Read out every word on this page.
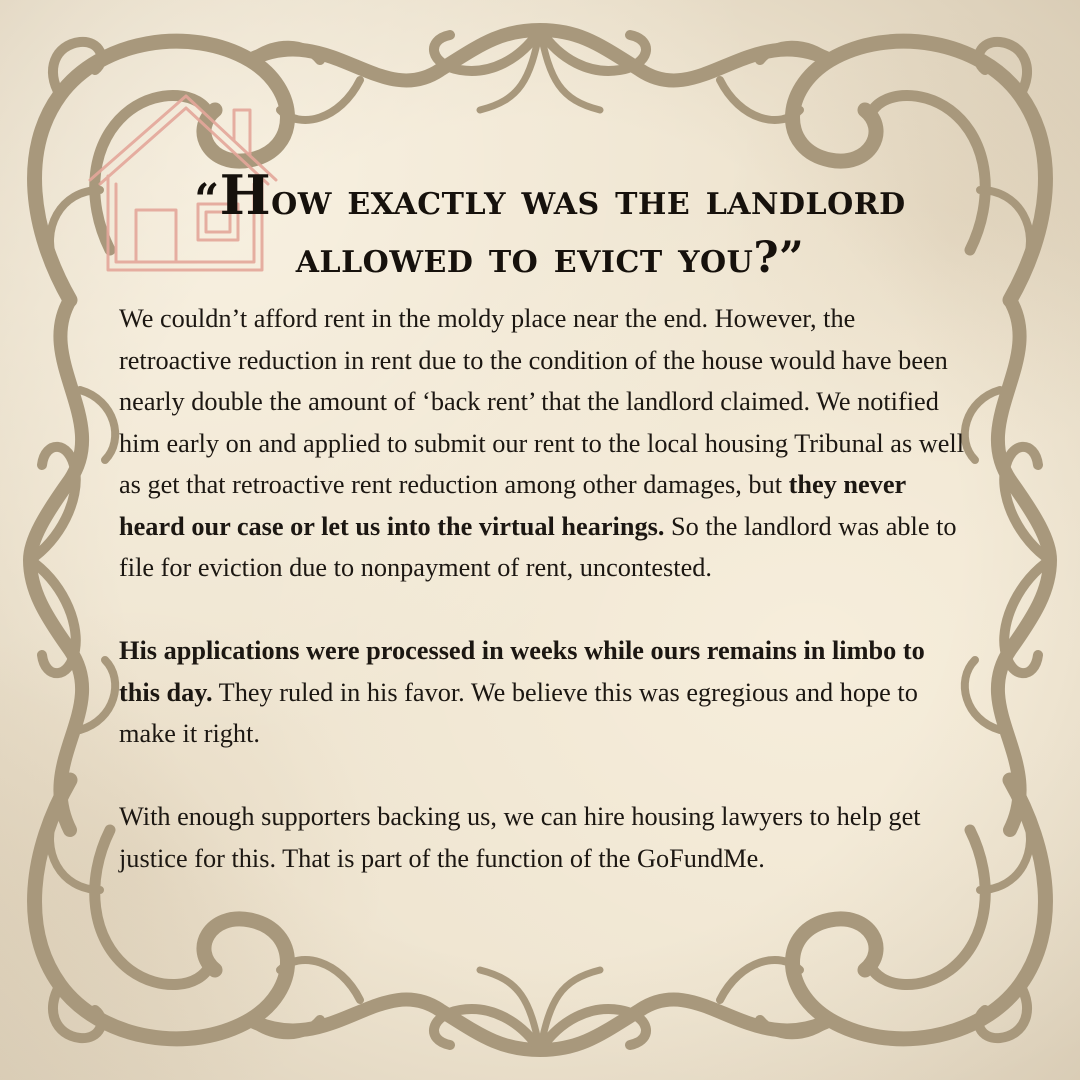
“How exactly was the landlord
allowed to evict you?”

We couldn’t afford rent in the moldy place near the end. However, the retroactive reduction in rent due to the condition of the house would have been nearly double the amount of ‘back rent’ that the landlord claimed. We notified him early on and applied to submit our rent to the local housing Tribunal as well as get that retroactive rent reduction among other damages, but they never heard our case or let us into the virtual hearings. So the landlord was able to file for eviction due to nonpayment of rent, uncontested.

His applications were processed in weeks while ours remains in limbo to this day. They ruled in his favor. We believe this was egregious and hope to make it right.

With enough supporters backing us, we can hire housing lawyers to help get justice for this. That is part of the function of the GoFundMe.
